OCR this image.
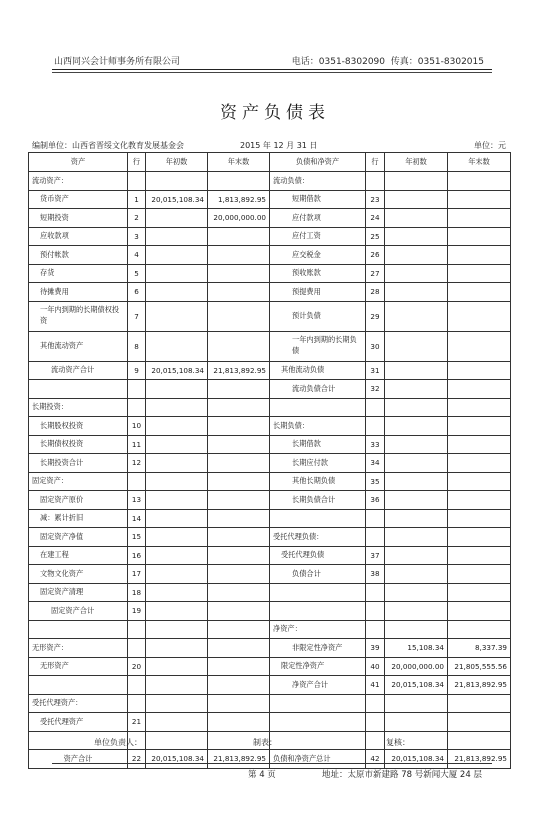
山西同兴会计师事务所有限公司	电话：0351-8302090 传真：0351-8302015
资产负债表
编制单位：山西省晋绥文化教育发展基金会	2015 年 12 月 31 日	单位：元
资产	行	年初数	年末数	负债和净资产	行	年初数	年末数
流动资产：				流动负债：			
货币资产	1	20,015,108.34	1,813,892.95	短期借款	23		
短期投资	2		20,000,000.00	应付款项	24		
应收款项	3			应付工资	25		
预付帐款	4			应交税金	26		
存货	5			预收账款	27		
待摊费用	6			预提费用	28		
一年内到期的长期债权投资	7			预计负债	29		
其他流动资产	8			一年内到期的长期负债	30		
流动资产合计	9	20,015,108.34	21,813,892.95	其他流动负债	31		
				流动负债合计	32		
长期投资：							
长期股权投资	10			长期负债：			
长期债权投资	11			长期借款	33		
长期投资合计	12			长期应付款	34		
固定资产：				其他长期负债	35		
固定资产原价	13			长期负债合计	36		
减：累计折旧	14						
固定资产净值	15			受托代理负债：			
在建工程	16			受托代理负债	37		
文物文化资产	17			负债合计	38		
固定资产清理	18						
固定资产合计	19						
				净资产：			
无形资产：				非限定性净资产	39	15,108.34	8,337.39
无形资产	20			限定性净资产	40	20,000,000.00	21,805,555.56
				净资产合计	41	20,015,108.34	21,813,892.95
受托代理资产：							
受托代理资产	21						

资产合计	22	20,015,108.34	21,813,892.95	负债和净资产总计	42	20,015,108.34	21,813,892.95
单位负责人：	制表：	复核：
第 4 页	地址：太原市新建路 78 号新闻大厦 24 层
